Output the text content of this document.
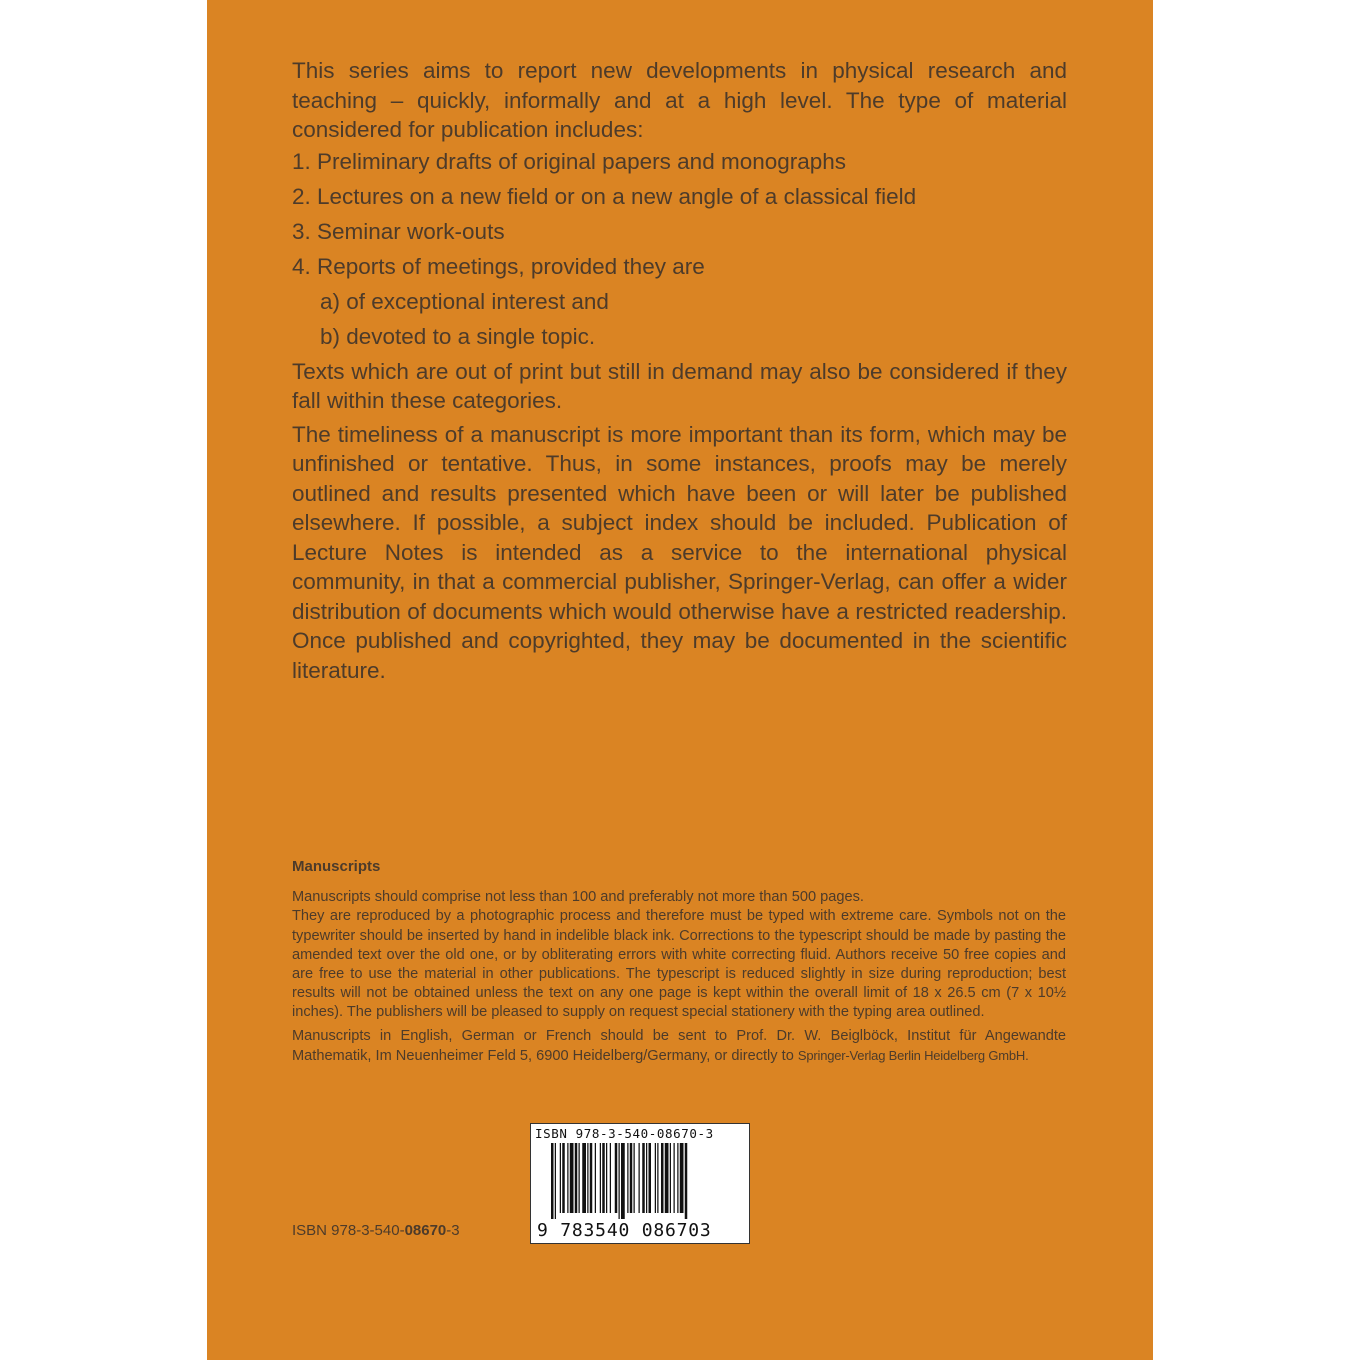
This series aims to report new developments in physical research and teaching – quickly, informally and at a high level. The type of material considered for publication includes:

1. Preliminary drafts of original papers and monographs
2. Lectures on a new field or on a new angle of a classical field
3. Seminar work-outs
4. Reports of meetings, provided they are
a) of exceptional interest and
b) devoted to a single topic.

Texts which are out of print but still in demand may also be considered if they fall within these categories.

The timeliness of a manuscript is more important than its form, which may be unfinished or tentative. Thus, in some instances, proofs may be merely outlined and results presented which have been or will later be published elsewhere. If possible, a subject index should be included. Publication of Lecture Notes is intended as a service to the international physical community, in that a commercial publisher, Springer-Verlag, can offer a wider distribution of documents which would otherwise have a restricted readership. Once published and copyrighted, they may be documented in the scientific literature.

Manuscripts

Manuscripts should comprise not less than 100 and preferably not more than 500 pages.

They are reproduced by a photographic process and therefore must be typed with extreme care. Symbols not on the typewriter should be inserted by hand in indelible black ink. Corrections to the typescript should be made by pasting the amended text over the old one, or by obliterating errors with white correcting fluid. Authors receive 50 free copies and are free to use the material in other publications. The typescript is reduced slightly in size during reproduction; best results will not be obtained unless the text on any one page is kept within the overall limit of 18 x 26.5 cm (7 x 10½ inches). The publishers will be pleased to supply on request special stationery with the typing area outlined.

Manuscripts in English, German or French should be sent to Prof. Dr. W. Beiglböck, Institut für Angewandte Mathematik, Im Neuenheimer Feld 5, 6900 Heidelberg/Germany, or directly to Springer-Verlag Berlin Heidelberg GmbH.

ISBN 978-3-540-08670-3
ISBN 978-3-540-08670-3
9 783540 086703
